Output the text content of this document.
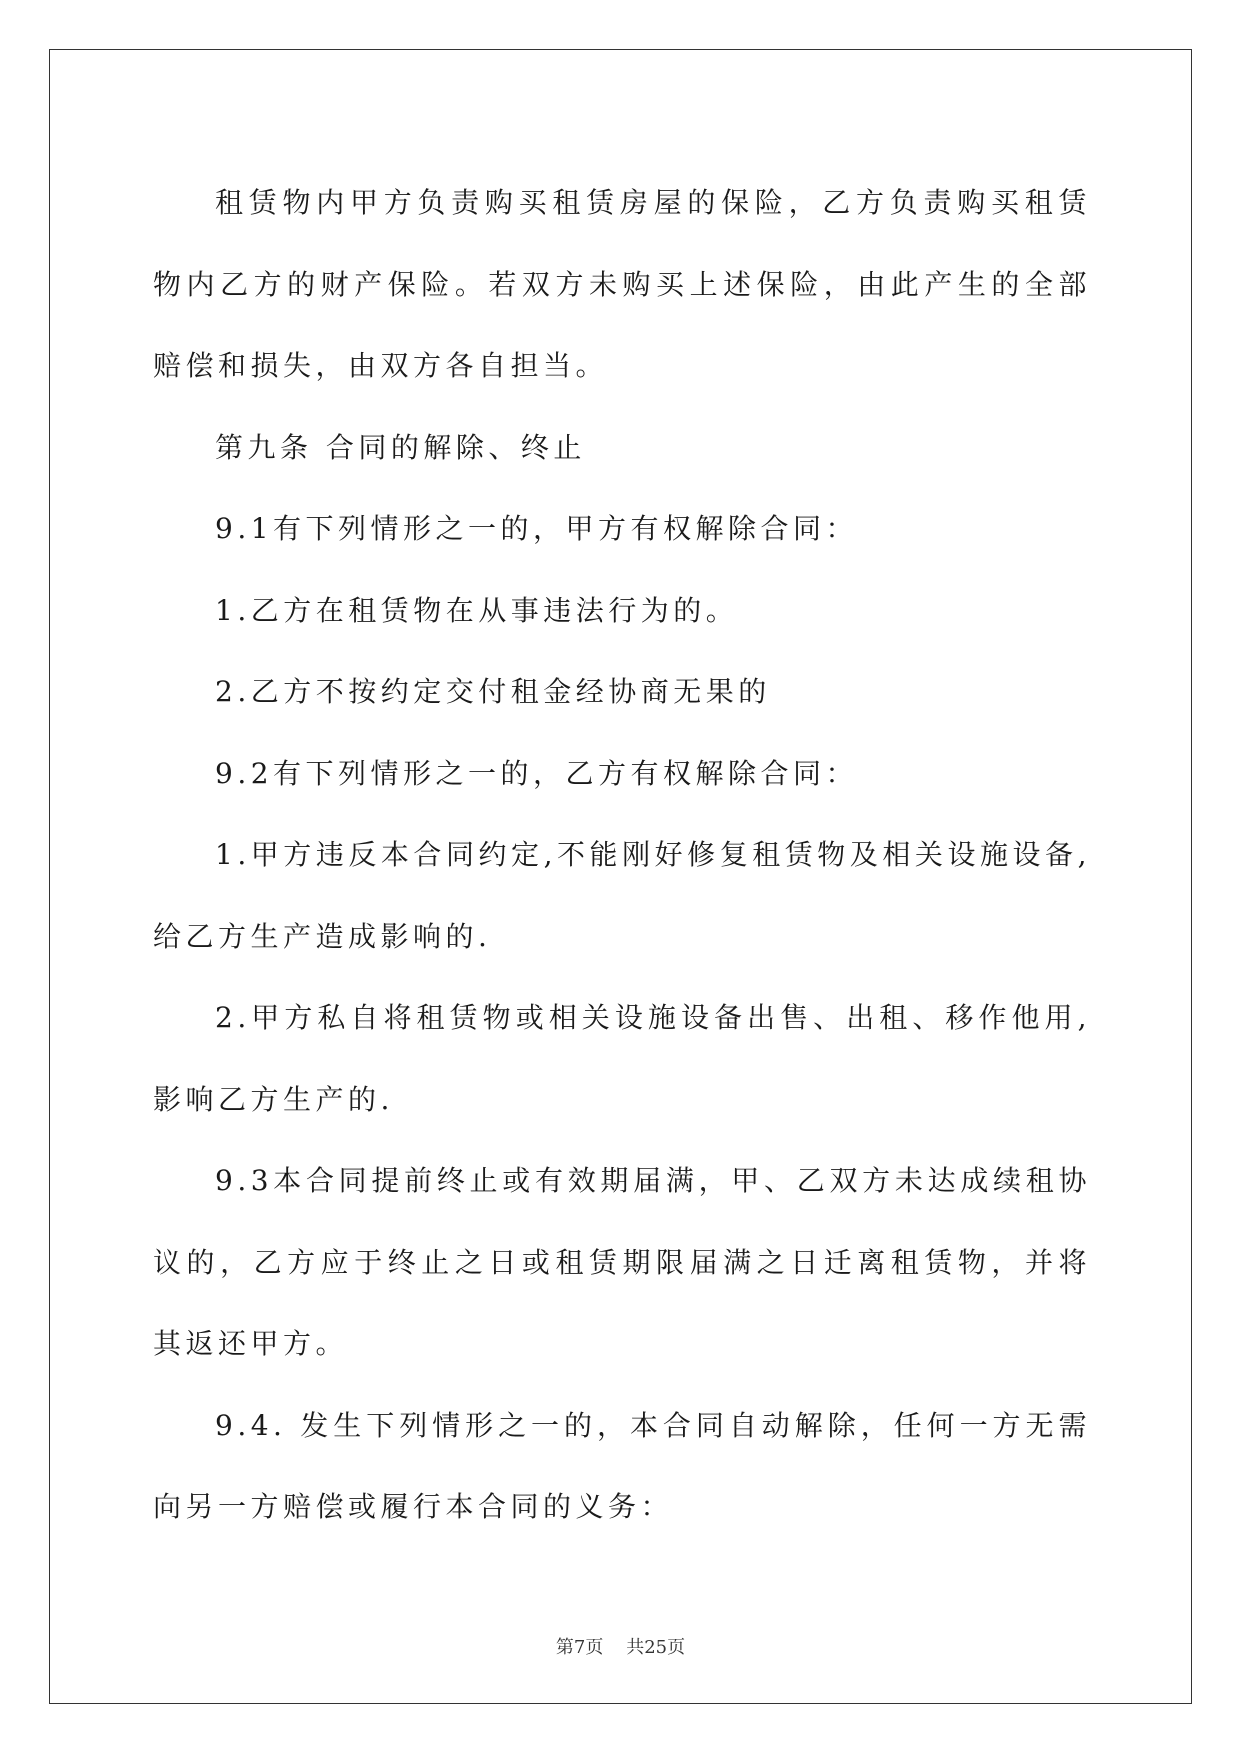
租赁物内甲方负责购买租赁房屋的保险，乙方负责购买租赁物内乙方的财产保险。若双方未购买上述保险，由此产生的全部赔偿和损失，由双方各自担当。

第九条 合同的解除、终止

9.1有下列情形之一的，甲方有权解除合同：

1.乙方在租赁物在从事违法行为的。

2.乙方不按约定交付租金经协商无果的

9.2有下列情形之一的，乙方有权解除合同：

1.甲方违反本合同约定,不能刚好修复租赁物及相关设施设备,给乙方生产造成影响的.

2.甲方私自将租赁物或相关设施设备出售、出租、移作他用,影响乙方生产的.

9.3本合同提前终止或有效期届满，甲、乙双方未达成续租协议的，乙方应于终止之日或租赁期限届满之日迁离租赁物，并将其返还甲方。

9.4. 发生下列情形之一的，本合同自动解除，任何一方无需向另一方赔偿或履行本合同的义务：

第7页    共25页
